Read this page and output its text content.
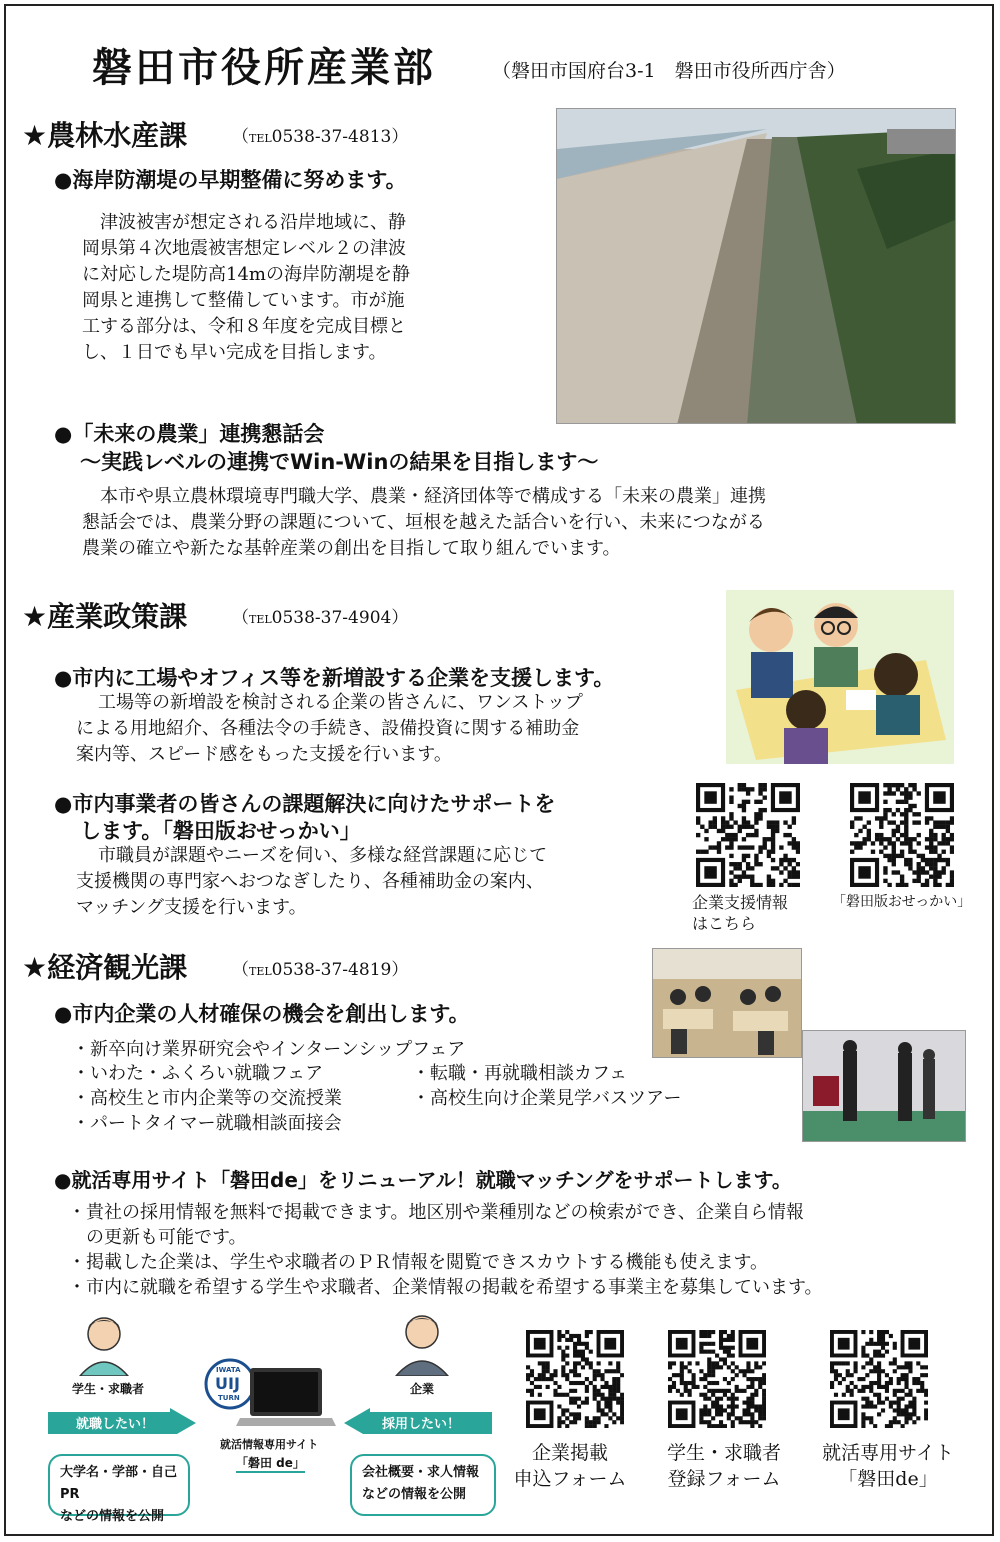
磐田市役所産業部	（磐田市国府台3-1　磐田市役所西庁舎）
★農林水産課	（TEL0538-37-4813）
●海岸防潮堤の早期整備に努めます。
津波被害が想定される沿岸地域に、静
岡県第４次地震被害想定レベル２の津波
に対応した堤防高14mの海岸防潮堤を静
岡県と連携して整備しています。市が施
工する部分は、令和８年度を完成目標と
し、１日でも早い完成を目指します。
●「未来の農業」連携懇話会
〜実践レベルの連携でWin-Winの結果を目指します〜
本市や県立農林環境専門職大学、農業・経済団体等で構成する「未来の農業」連携
懇話会では、農業分野の課題について、垣根を越えた話合いを行い、未来につながる
農業の確立や新たな基幹産業の創出を目指して取り組んでいます。
★産業政策課	（TEL0538-37-4904）
●市内に工場やオフィス等を新増設する企業を支援します。
工場等の新増設を検討される企業の皆さんに、ワンストップ
による用地紹介、各種法令の手続き、設備投資に関する補助金
案内等、スピード感をもった支援を行います。
●市内事業者の皆さんの課題解決に向けたサポートを
します。「磐田版おせっかい」
市職員が課題やニーズを伺い、多様な経営課題に応じて
支援機関の専門家へおつなぎしたり、各種補助金の案内、
マッチング支援を行います。	企業支援情報
はこちら
「磐田版おせっかい」
★経済観光課	（TEL0538-37-4819）
●市内企業の人材確保の機会を創出します。
・新卒向け業界研究会やインターンシップフェア
・いわた・ふくろい就職フェア	・転職・再就職相談カフェ
・高校生と市内企業等の交流授業	・高校生向け企業見学バスツアー
・パートタイマー就職相談面接会
●就活専用サイト「磐田de」をリニューアル！就職マッチングをサポートします。
・貴社の採用情報を無料で掲載できます。地区別や業種別などの検索ができ、企業自ら情報
　の更新も可能です。
・掲載した企業は、学生や求職者のＰＲ情報を閲覧できスカウトする機能も使えます。
・市内に就職を希望する学生や求職者、企業情報の掲載を希望する事業主を募集しています。
学生・求職者
就職したい！
大学名・学部・自己PR
などの情報を公開
IWATA
UIJ
TURN
就活情報専用サイト
「磐田 de」
企業
採用したい！
会社概要・求人情報
などの情報を公開
企業掲載
申込フォーム
学生・求職者
登録フォーム
就活専用サイト
「磐田de」
